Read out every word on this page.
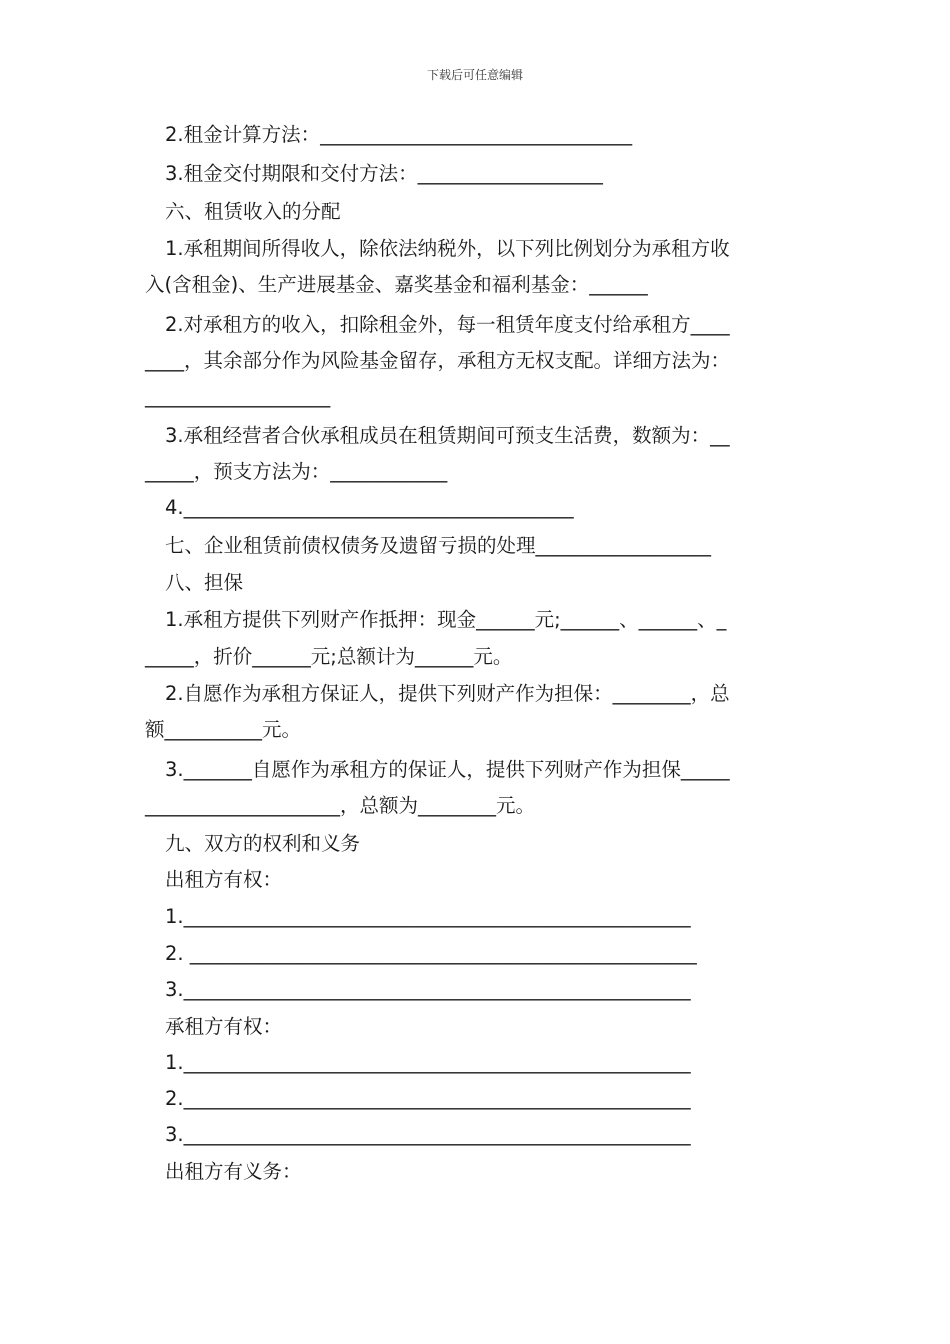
下载后可任意编辑
2.租金计算方法：________________________________
3.租金交付期限和交付方法：___________________
六、租赁收入的分配
1.承租期间所得收人，除依法纳税外，以下列比例划分为承租方收
入(含租金)、生产进展基金、嘉奖基金和福利基金：______
2.对承租方的收入，扣除租金外，每一租赁年度支付给承租方____
____，其余部分作为风险基金留存，承租方无权支配。详细方法为：
___________________
3.承租经营者合伙承租成员在租赁期间可预支生活费，数额为：__
_____，预支方法为：____________
4.________________________________________
七、企业租赁前债权债务及遗留亏损的处理__________________
八、担保
1.承租方提供下列财产作抵押：现金______元;______、______、_
_____，折价______元;总额计为______元。
2.自愿作为承租方保证人，提供下列财产作为担保：________，总
额__________元。
3._______自愿作为承租方的保证人，提供下列财产作为担保_____
____________________，总额为________元。
九、双方的权利和义务
出租方有权：
1.____________________________________________________
2. ____________________________________________________
3.____________________________________________________
承租方有权：
1.____________________________________________________
2.____________________________________________________
3.____________________________________________________
出租方有义务：
